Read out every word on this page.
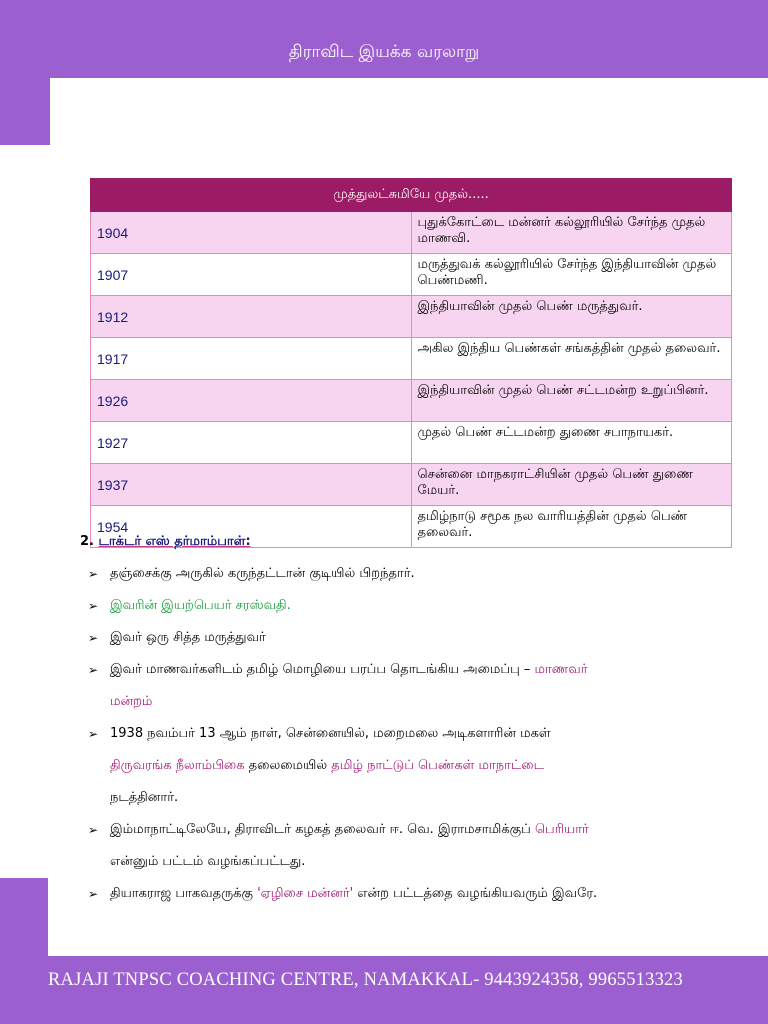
திராவிட இயக்க வரலாறு
முத்துலட்சுமியே முதல்.....	
1904	புதுக்கோட்டை மன்னர் கல்லூரியில் சேர்ந்த முதல் மாணவி.
1907	மருத்துவக் கல்லூரியில் சேர்ந்த இந்தியாவின் முதல் பெண்மணி.
1912	இந்தியாவின் முதல் பெண் மருத்துவர்.
1917	அகில இந்திய பெண்கள் சங்கத்தின் முதல் தலைவர்.
1926	இந்தியாவின் முதல் பெண் சட்டமன்ற உறுப்பினர்.
1927	முதல் பெண் சட்டமன்ற துணை சபாநாயகர்.
1937	சென்னை மாநகராட்சியின் முதல் பெண் துணை மேயர்.
1954	தமிழ்நாடு சமூக நல வாரியத்தின் முதல் பெண் தலைவர்.
2. டாக்டர் எஸ் தர்மாம்பாள்:
➢ தஞ்சைக்கு அருகில் கருந்தட்டான் குடியில் பிறந்தார்.
➢ இவரின் இயற்பெயர் சரஸ்வதி.
➢ இவர் ஒரு சித்த மருத்துவர்
➢ இவர் மாணவர்களிடம் தமிழ் மொழியை பரப்ப தொடங்கிய அமைப்பு – மாணவர்
மன்றம்
➢ 1938 நவம்பர் 13 ஆம் நாள், சென்னையில், மறைமலை அடிகளாரின் மகள்
திருவரங்க நீலாம்பிகை தலைமையில் தமிழ் நாட்டுப் பெண்கள் மாநாட்டை
நடத்தினார்.
➢ இம்மாநாட்டிலேயே, திராவிடர் கழகத் தலைவர் ஈ. வெ. இராமசாமிக்குப் பெரியார்
என்னும் பட்டம் வழங்கப்பட்டது.
➢ தியாகராஜ பாகவதருக்கு 'ஏழிசை மன்னர்' என்ற பட்டத்தை வழங்கியவரும் இவரே.
RAJAJI TNPSC COACHING CENTRE, NAMAKKAL- 9443924358, 9965513323
